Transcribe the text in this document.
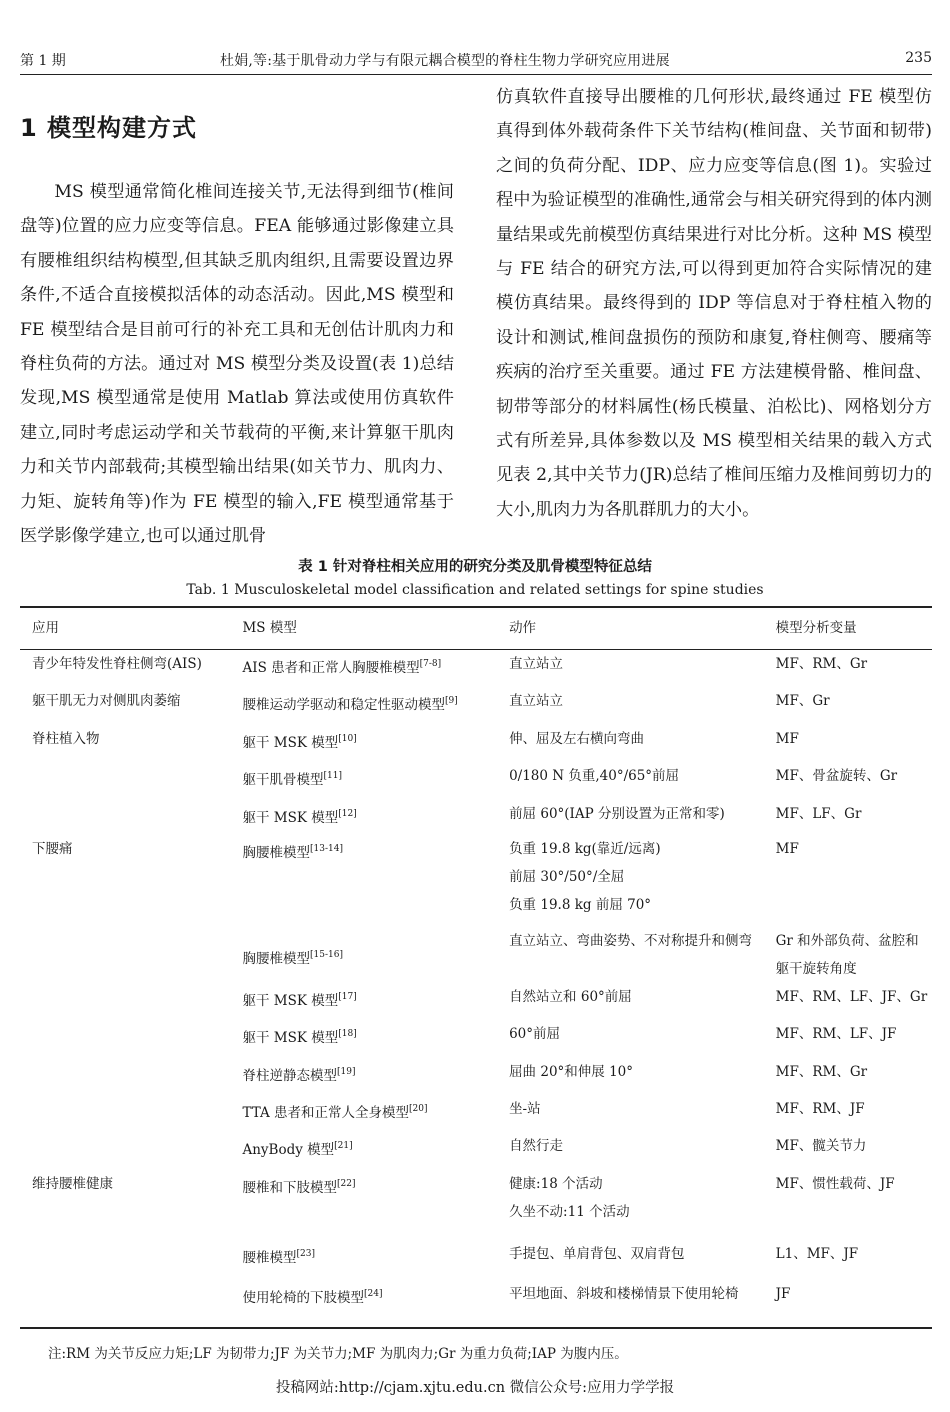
第 1 期	杜娟,等:基于肌骨动力学与有限元耦合模型的脊柱生物力学研究应用进展	235
1 模型构建方式

MS 模型通常简化椎间连接关节,无法得到细节(椎间盘等)位置的应力应变等信息。FEA 能够通过影像建立具有腰椎组织结构模型,但其缺乏肌肉组织,且需要设置边界条件,不适合直接模拟活体的动态活动。因此,MS 模型和 FE 模型结合是目前可行的补充工具和无创估计肌肉力和脊柱负荷的方法。通过对 MS 模型分类及设置(表 1)总结发现,MS 模型通常是使用 Matlab 算法或使用仿真软件建立,同时考虑运动学和关节载荷的平衡,来计算躯干肌肉力和关节内部载荷;其模型输出结果(如关节力、肌肉力、力矩、旋转角等)作为 FE 模型的输入,FE 模型通常基于医学影像学建立,也可以通过肌骨

仿真软件直接导出腰椎的几何形状,最终通过 FE 模型仿真得到体外载荷条件下关节结构(椎间盘、关节面和韧带)之间的负荷分配、IDP、应力应变等信息(图 1)。实验过程中为验证模型的准确性,通常会与相关研究得到的体内测量结果或先前模型仿真结果进行对比分析。这种 MS 模型与 FE 结合的研究方法,可以得到更加符合实际情况的建模仿真结果。最终得到的 IDP 等信息对于脊柱植入物的设计和测试,椎间盘损伤的预防和康复,脊柱侧弯、腰痛等疾病的治疗至关重要。通过 FE 方法建模骨骼、椎间盘、韧带等部分的材料属性(杨氏模量、泊松比)、网格划分方式有所差异,具体参数以及 MS 模型相关结果的载入方式见表 2,其中关节力(JR)总结了椎间压缩力及椎间剪切力的大小,肌肉力为各肌群肌力的大小。

表 1 针对脊柱相关应用的研究分类及肌骨模型特征总结
Tab. 1 Musculoskeletal model classification and related settings for spine studies
应用	MS 模型	动作	模型分析变量
青少年特发性脊柱侧弯(AIS)	AIS 患者和正常人胸腰椎模型[7-8]	直立站立	MF、RM、Gr
躯干肌无力对侧肌肉萎缩	腰椎运动学驱动和稳定性驱动模型[9]	直立站立	MF、Gr
脊柱植入物	躯干 MSK 模型[10]	伸、屈及左右横向弯曲	MF
	躯干肌骨模型[11]	0/180 N 负重,40°/65°前屈	MF、骨盆旋转、Gr
	躯干 MSK 模型[12]	前屈 60°(IAP 分别设置为正常和零)	MF、LF、Gr
下腰痛	胸腰椎模型[13-14]	负重 19.8 kg(靠近/远离)
前屈 30°/50°/全屈
负重 19.8 kg 前屈 70°	MF
	胸腰椎模型[15-16]	直立站立、弯曲姿势、不对称提升和侧弯	Gr 和外部负荷、盆腔和躯干旋转角度
	躯干 MSK 模型[17]	自然站立和 60°前屈	MF、RM、LF、JF、Gr
	躯干 MSK 模型[18]	60°前屈	MF、RM、LF、JF
	脊柱逆静态模型[19]	屈曲 20°和伸展 10°	MF、RM、Gr
	TTA 患者和正常人全身模型[20]	坐-站	MF、RM、JF
	AnyBody 模型[21]	自然行走	MF、髋关节力
维持腰椎健康	腰椎和下肢模型[22]	健康:18 个活动
久坐不动:11 个活动	MF、惯性载荷、JF
	腰椎模型[23]	手提包、单肩背包、双肩背包	L1、MF、JF
	使用轮椅的下肢模型[24]	平坦地面、斜坡和楼梯情景下使用轮椅	JF
注:RM 为关节反应力矩;LF 为韧带力;JF 为关节力;MF 为肌肉力;Gr 为重力负荷;IAP 为腹内压。
投稿网站:http://cjam.xjtu.edu.cn 微信公众号:应用力学学报
